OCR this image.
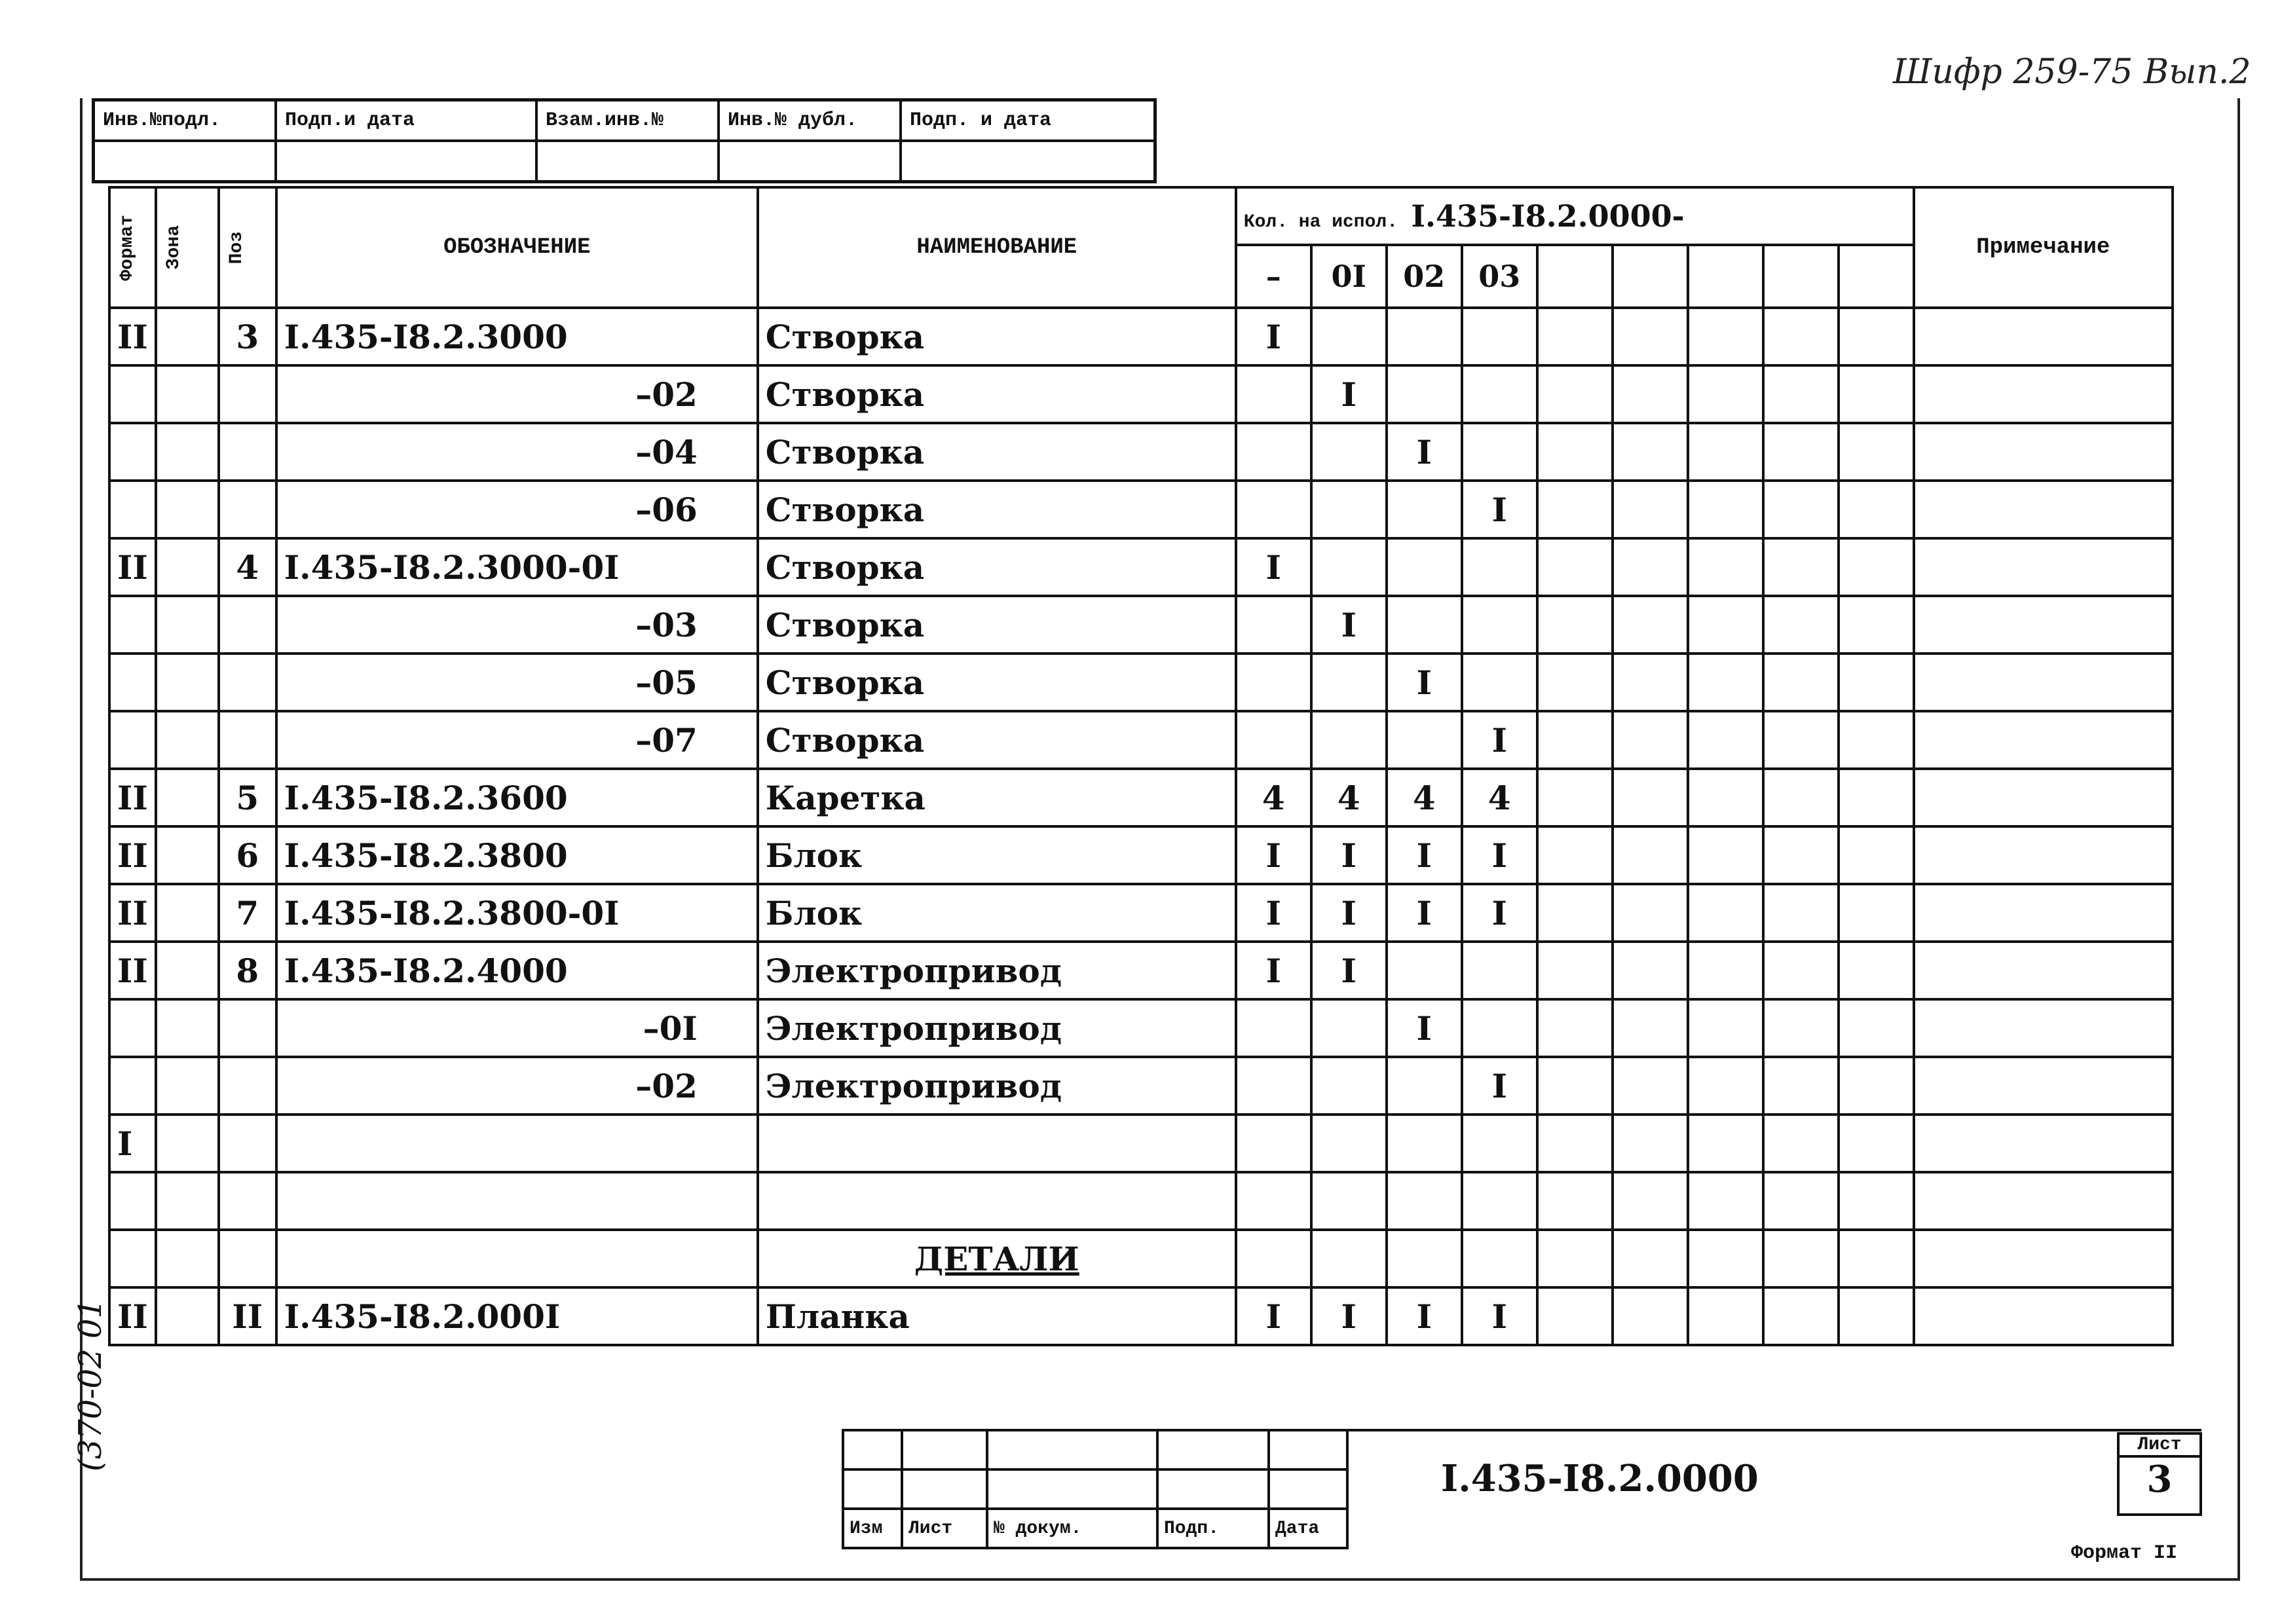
Шифр 259-75 Вып.2
Инв.№подл.	Подп.и дата	Взам.инв.№	Инв.№ дубл.	Подп. и дата

Формат	Зона	Поз	ОБОЗНАЧЕНИЕ	НАИМЕНОВАНИЕ	Кол. на испол. I.435-I8.2.0000-									Примечание
					–	0I	02	03						
II		3	I.435-I8.2.3000	Створка	I									
			–02	Створка		I								
			–04	Створка			I							
			–06	Створка				I						
II		4	I.435-I8.2.3000-0I	Створка	I									
			–03	Створка		I								
			–05	Створка			I							
			–07	Створка				I						
II		5	I.435-I8.2.3600	Каретка	4	4	4	4						
II		6	I.435-I8.2.3800	Блок	I	I	I	I						
II		7	I.435-I8.2.3800-0I	Блок	I	I	I	I						
II		8	I.435-I8.2.4000	Электропривод	I	I								
			–0I	Электропривод			I							
			–02	Электропривод				I						
I														

				ДЕТАЛИ										
II		II	I.435-I8.2.000I	Планка	I	I	I	I						

Изм	Лист	№ докум.	Подп.	Дата
I.435-I8.2.0000
Лист
3
(370-02 01
Формат II
